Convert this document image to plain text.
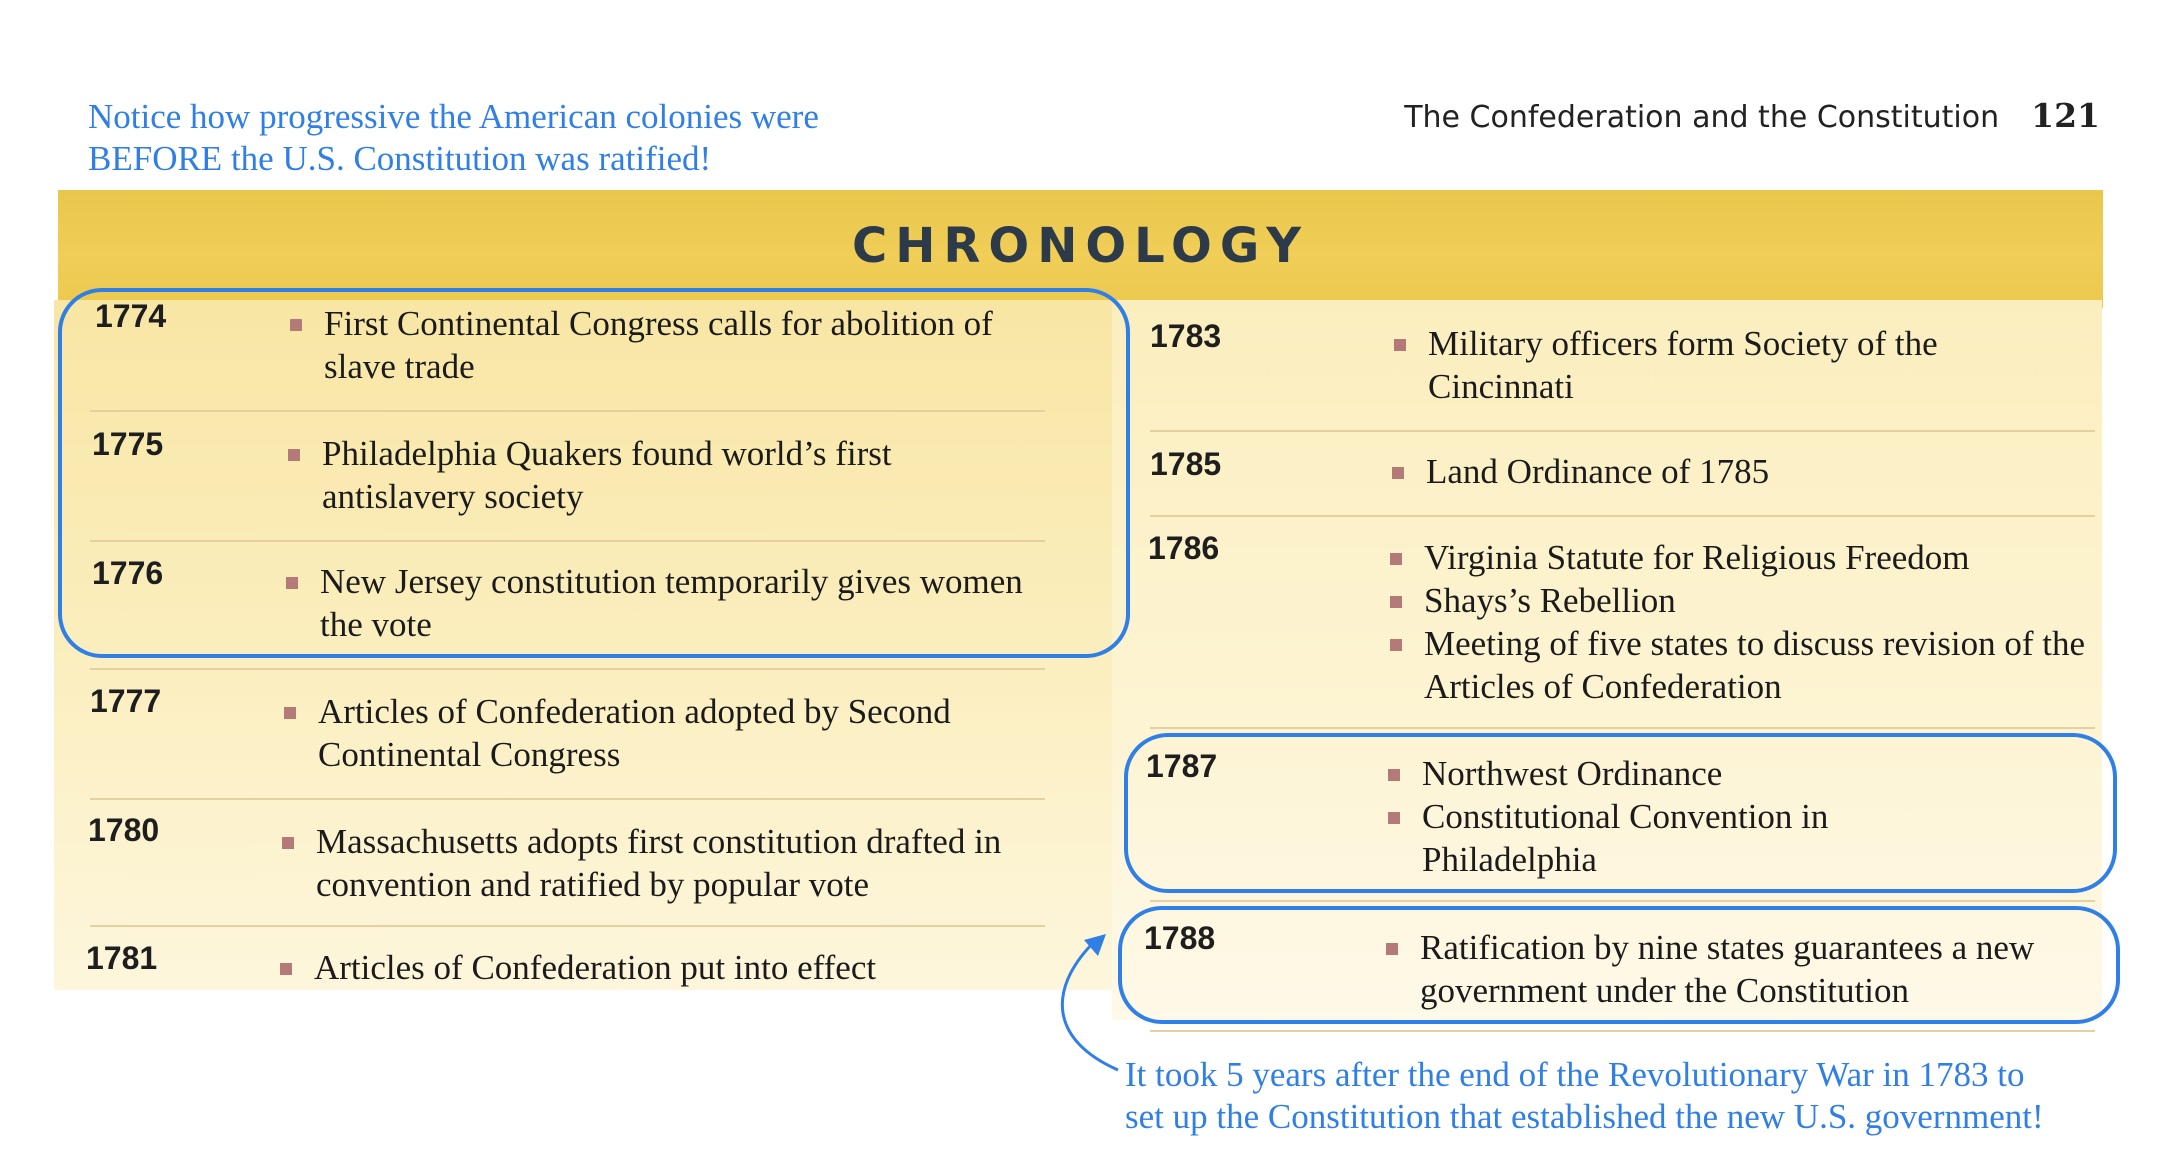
Notice how progressive the American colonies were
BEFORE the U.S. Constitution was ratified!
The Confederation and the Constitution 121
CHRONOLOGY
1774	First Continental Congress calls for abolition of slave trade
1775	Philadelphia Quakers found world’s first antislavery society
1776	New Jersey constitution temporarily gives women the vote
1777	Articles of Confederation adopted by Second Continental Congress
1780	Massachusetts adopts first constitution drafted in convention and ratified by popular vote
1781	Articles of Confederation put into effect
1783	Military officers form Society of the Cincinnati
1785	Land Ordinance of 1785
1786	Virginia Statute for Religious Freedom
Shays’s Rebellion
Meeting of five states to discuss revision of the Articles of Confederation
1787	Northwest Ordinance
Constitutional Convention in Philadelphia
1788	Ratification by nine states guarantees a new government under the Constitution
It took 5 years after the end of the Revolutionary War in 1783 to
set up the Constitution that established the new U.S. government!
